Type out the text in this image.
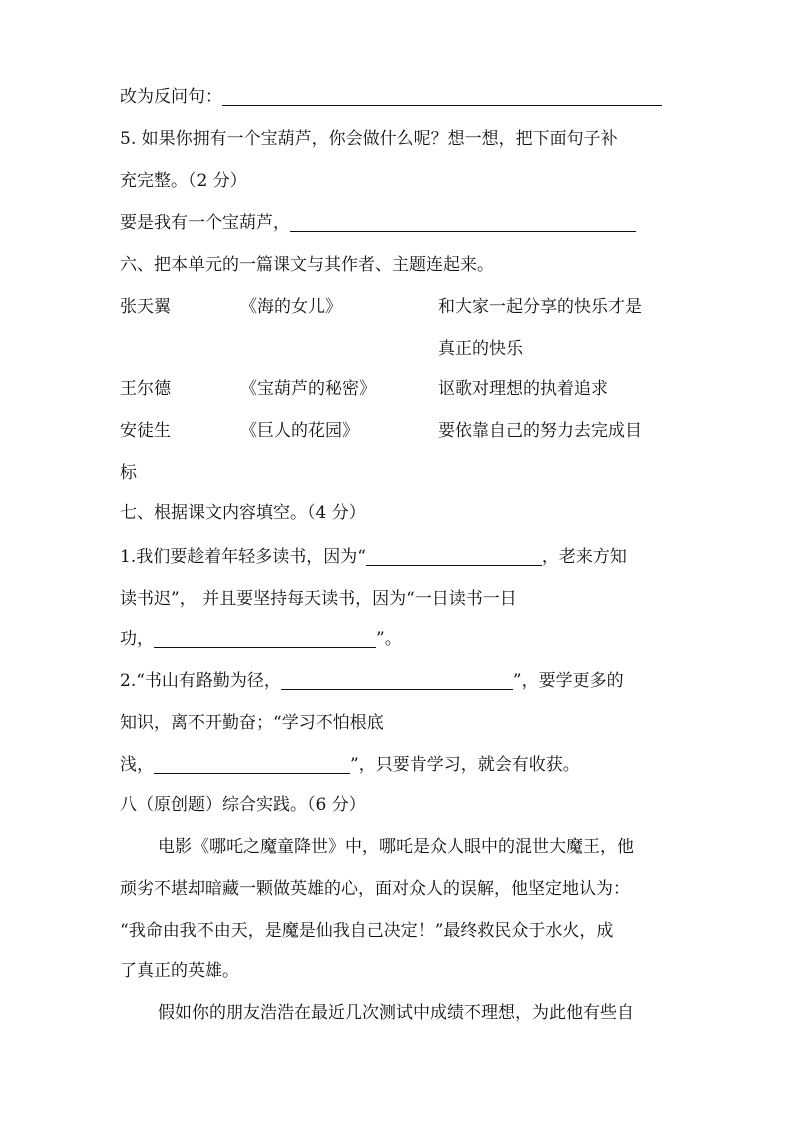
改为反问句：
5. 如果你拥有一个宝葫芦，你会做什么呢？想一想，把下面句子补
充完整。（2 分）
要是我有一个宝葫芦，
六、把本单元的一篇课文与其作者、主题连起来。
张天翼	《海的女儿》	和大家一起分享的快乐才是
真正的快乐
王尔德	《宝葫芦的秘密》	讴歌对理想的执着追求
安徒生	《巨人的花园》	要依靠自己的努力去完成目
标
七、根据课文内容填空。（4 分）
1.我们要趁着年轻多读书，因为“	，老来方知
读书迟”， 并且要坚持每天读书，因为“一日读书一日
功，	”。
2.“书山有路勤为径，	”，要学更多的
知识，离不开勤奋；“学习不怕根底
浅，	”，只要肯学习，就会有收获。
八（原创题）综合实践。（6 分）
电影《哪吒之魔童降世》中，哪吒是众人眼中的混世大魔王，他
顽劣不堪却暗藏一颗做英雄的心，面对众人的误解，他坚定地认为：
“我命由我不由天，是魔是仙我自己决定！”最终救民众于水火，成
了真正的英雄。
假如你的朋友浩浩在最近几次测试中成绩不理想，为此他有些自
